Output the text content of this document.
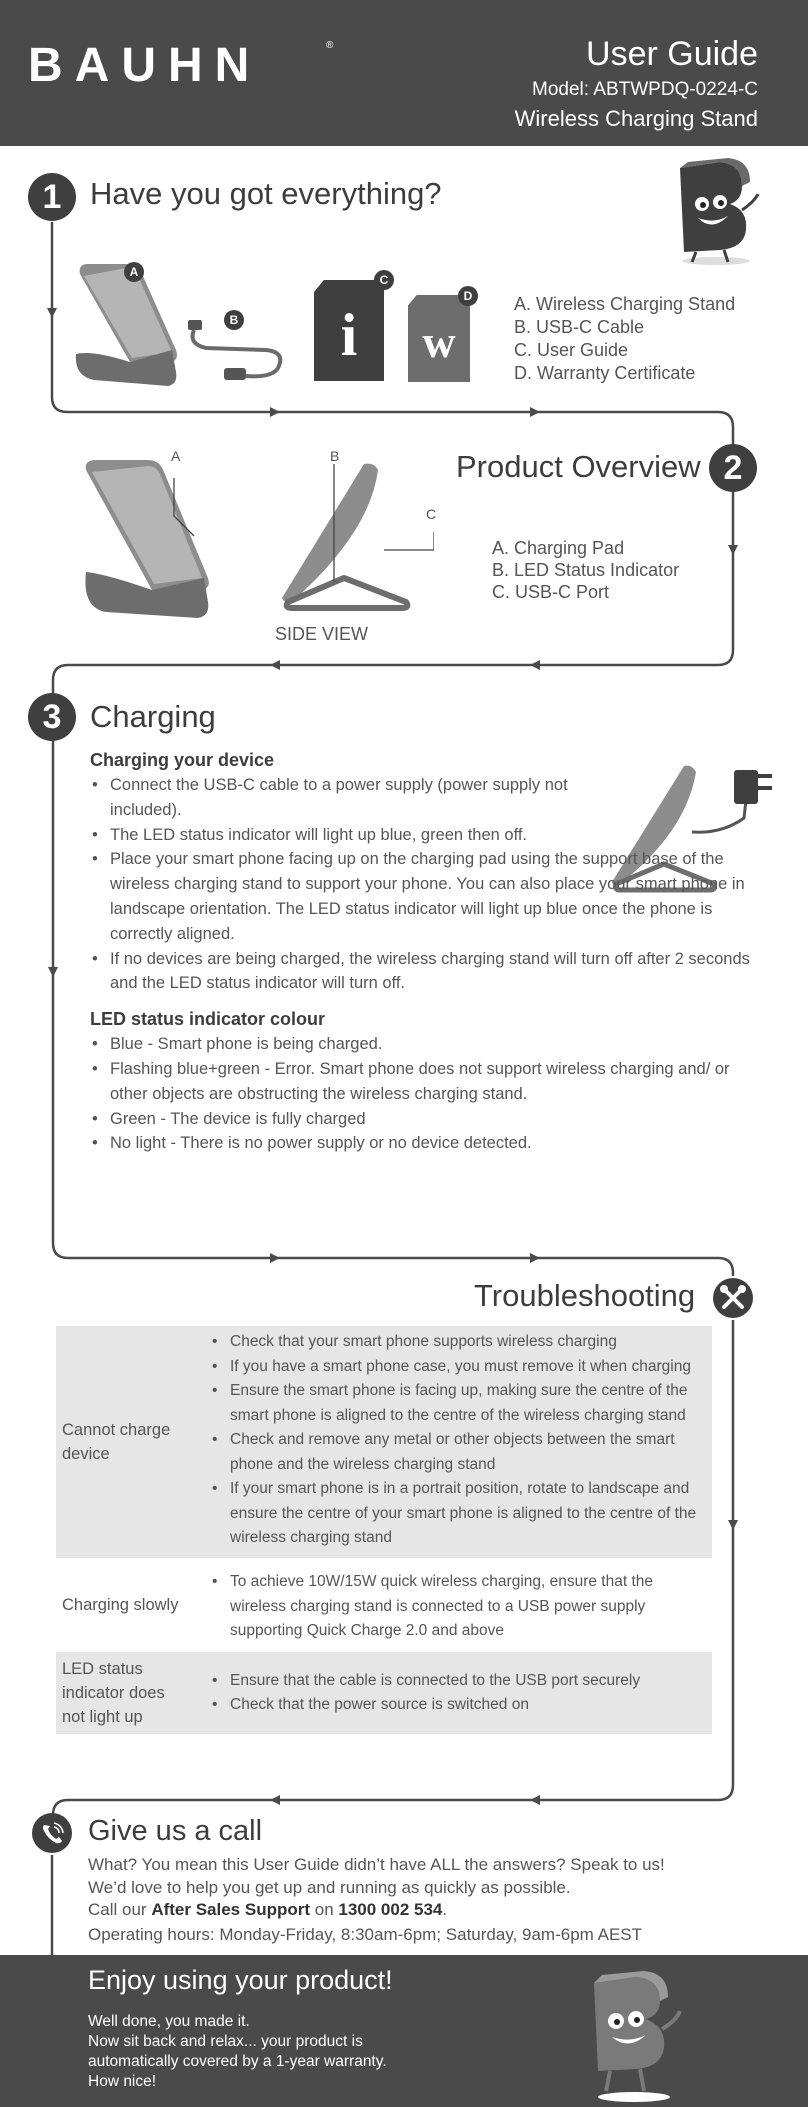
BAUHN	®	User Guide
Model: ABTWPDQ-0224-C
Wireless Charging Stand
1 Have you got everything?
A
B	i
C
w
D	A. Wireless Charging Stand
B. USB-C Cable
C. User Guide
D. Warranty Certificate
Product Overview 2
A	B
C
SIDE VIEW
A. Charging Pad
B. LED Status Indicator
C. USB-C Port
3 Charging
Charging your device
• Connect the USB-C cable to a power supply (power supply not included).
• The LED status indicator will light up blue, green then off.
• Place your smart phone facing up on the charging pad using the support base of the wireless charging stand to support your phone. You can also place your smart phone in landscape orientation. The LED status indicator will light up blue once the phone is correctly aligned.
• If no devices are being charged, the wireless charging stand will turn off after 2 seconds and the LED status indicator will turn off.
LED status indicator colour
• Blue - Smart phone is being charged.
• Flashing blue+green - Error. Smart phone does not support wireless charging and/ or other objects are obstructing the wireless charging stand.
• Green - The device is fully charged
• No light - There is no power supply or no device detected.
Troubleshooting
Cannot charge device
• Check that your smart phone supports wireless charging
• If you have a smart phone case, you must remove it when charging
• Ensure the smart phone is facing up, making sure the centre of the smart phone is aligned to the centre of the wireless charging stand
• Check and remove any metal or other objects between the smart phone and the wireless charging stand
• If your smart phone is in a portrait position, rotate to landscape and ensure the centre of your smart phone is aligned to the centre of the wireless charging stand
Charging slowly
• To achieve 10W/15W quick wireless charging, ensure that the wireless charging stand is connected to a USB power supply supporting Quick Charge 2.0 and above
LED status indicator does not light up
• Ensure that the cable is connected to the USB port securely
• Check that the power source is switched on
Give us a call
What? You mean this User Guide didn’t have ALL the answers? Speak to us!
We’d love to help you get up and running as quickly as possible.
Call our After Sales Support on 1300 002 534.
Operating hours: Monday-Friday, 8:30am-6pm; Saturday, 9am-6pm AEST
Enjoy using your product!
Well done, you made it.
Now sit back and relax... your product is
automatically covered by a 1-year warranty.
How nice!
